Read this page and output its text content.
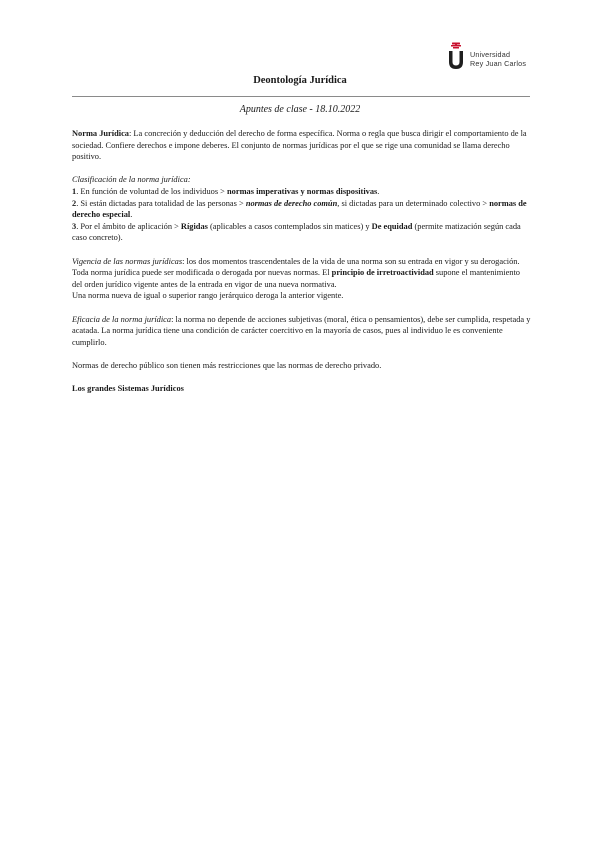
Universidad
Rey Juan Carlos
Deontología Jurídica
Apuntes de clase - 18.10.2022

Norma Jurídica: La concreción y deducción del derecho de forma específica. Norma o regla que busca dirigir el comportamiento de la sociedad. Confiere derechos e impone deberes. El conjunto de normas jurídicas por el que se rige una comunidad se llama derecho positivo.

Clasificación de la norma jurídica:

1. En función de voluntad de los individuos > normas imperativas y normas dispositivas.

2. Si están dictadas para totalidad de las personas > normas de derecho común, si dictadas para un determinado colectivo > normas de derecho especial.

3. Por el ámbito de aplicación > Rígidas (aplicables a casos contemplados sin matices) y De equidad (permite matización según cada caso concreto).

Vigencia de las normas jurídicas: los dos momentos trascendentales de la vida de una norma son su entrada en vigor y su derogación. Toda norma jurídica puede ser modificada o derogada por nuevas normas. El principio de irretroactividad supone el mantenimiento del orden jurídico vigente antes de la entrada en vigor de una nueva normativa.

Una norma nueva de igual o superior rango jerárquico deroga la anterior vigente.

Eficacia de la norma jurídica: la norma no depende de acciones subjetivas (moral, ética o pensamientos), debe ser cumplida, respetada y acatada. La norma jurídica tiene una condición de carácter coercitivo en la mayoría de casos, pues al individuo le es conveniente cumplirlo.

Normas de derecho público son tienen más restricciones que las normas de derecho privado.

Los grandes Sistemas Jurídicos
